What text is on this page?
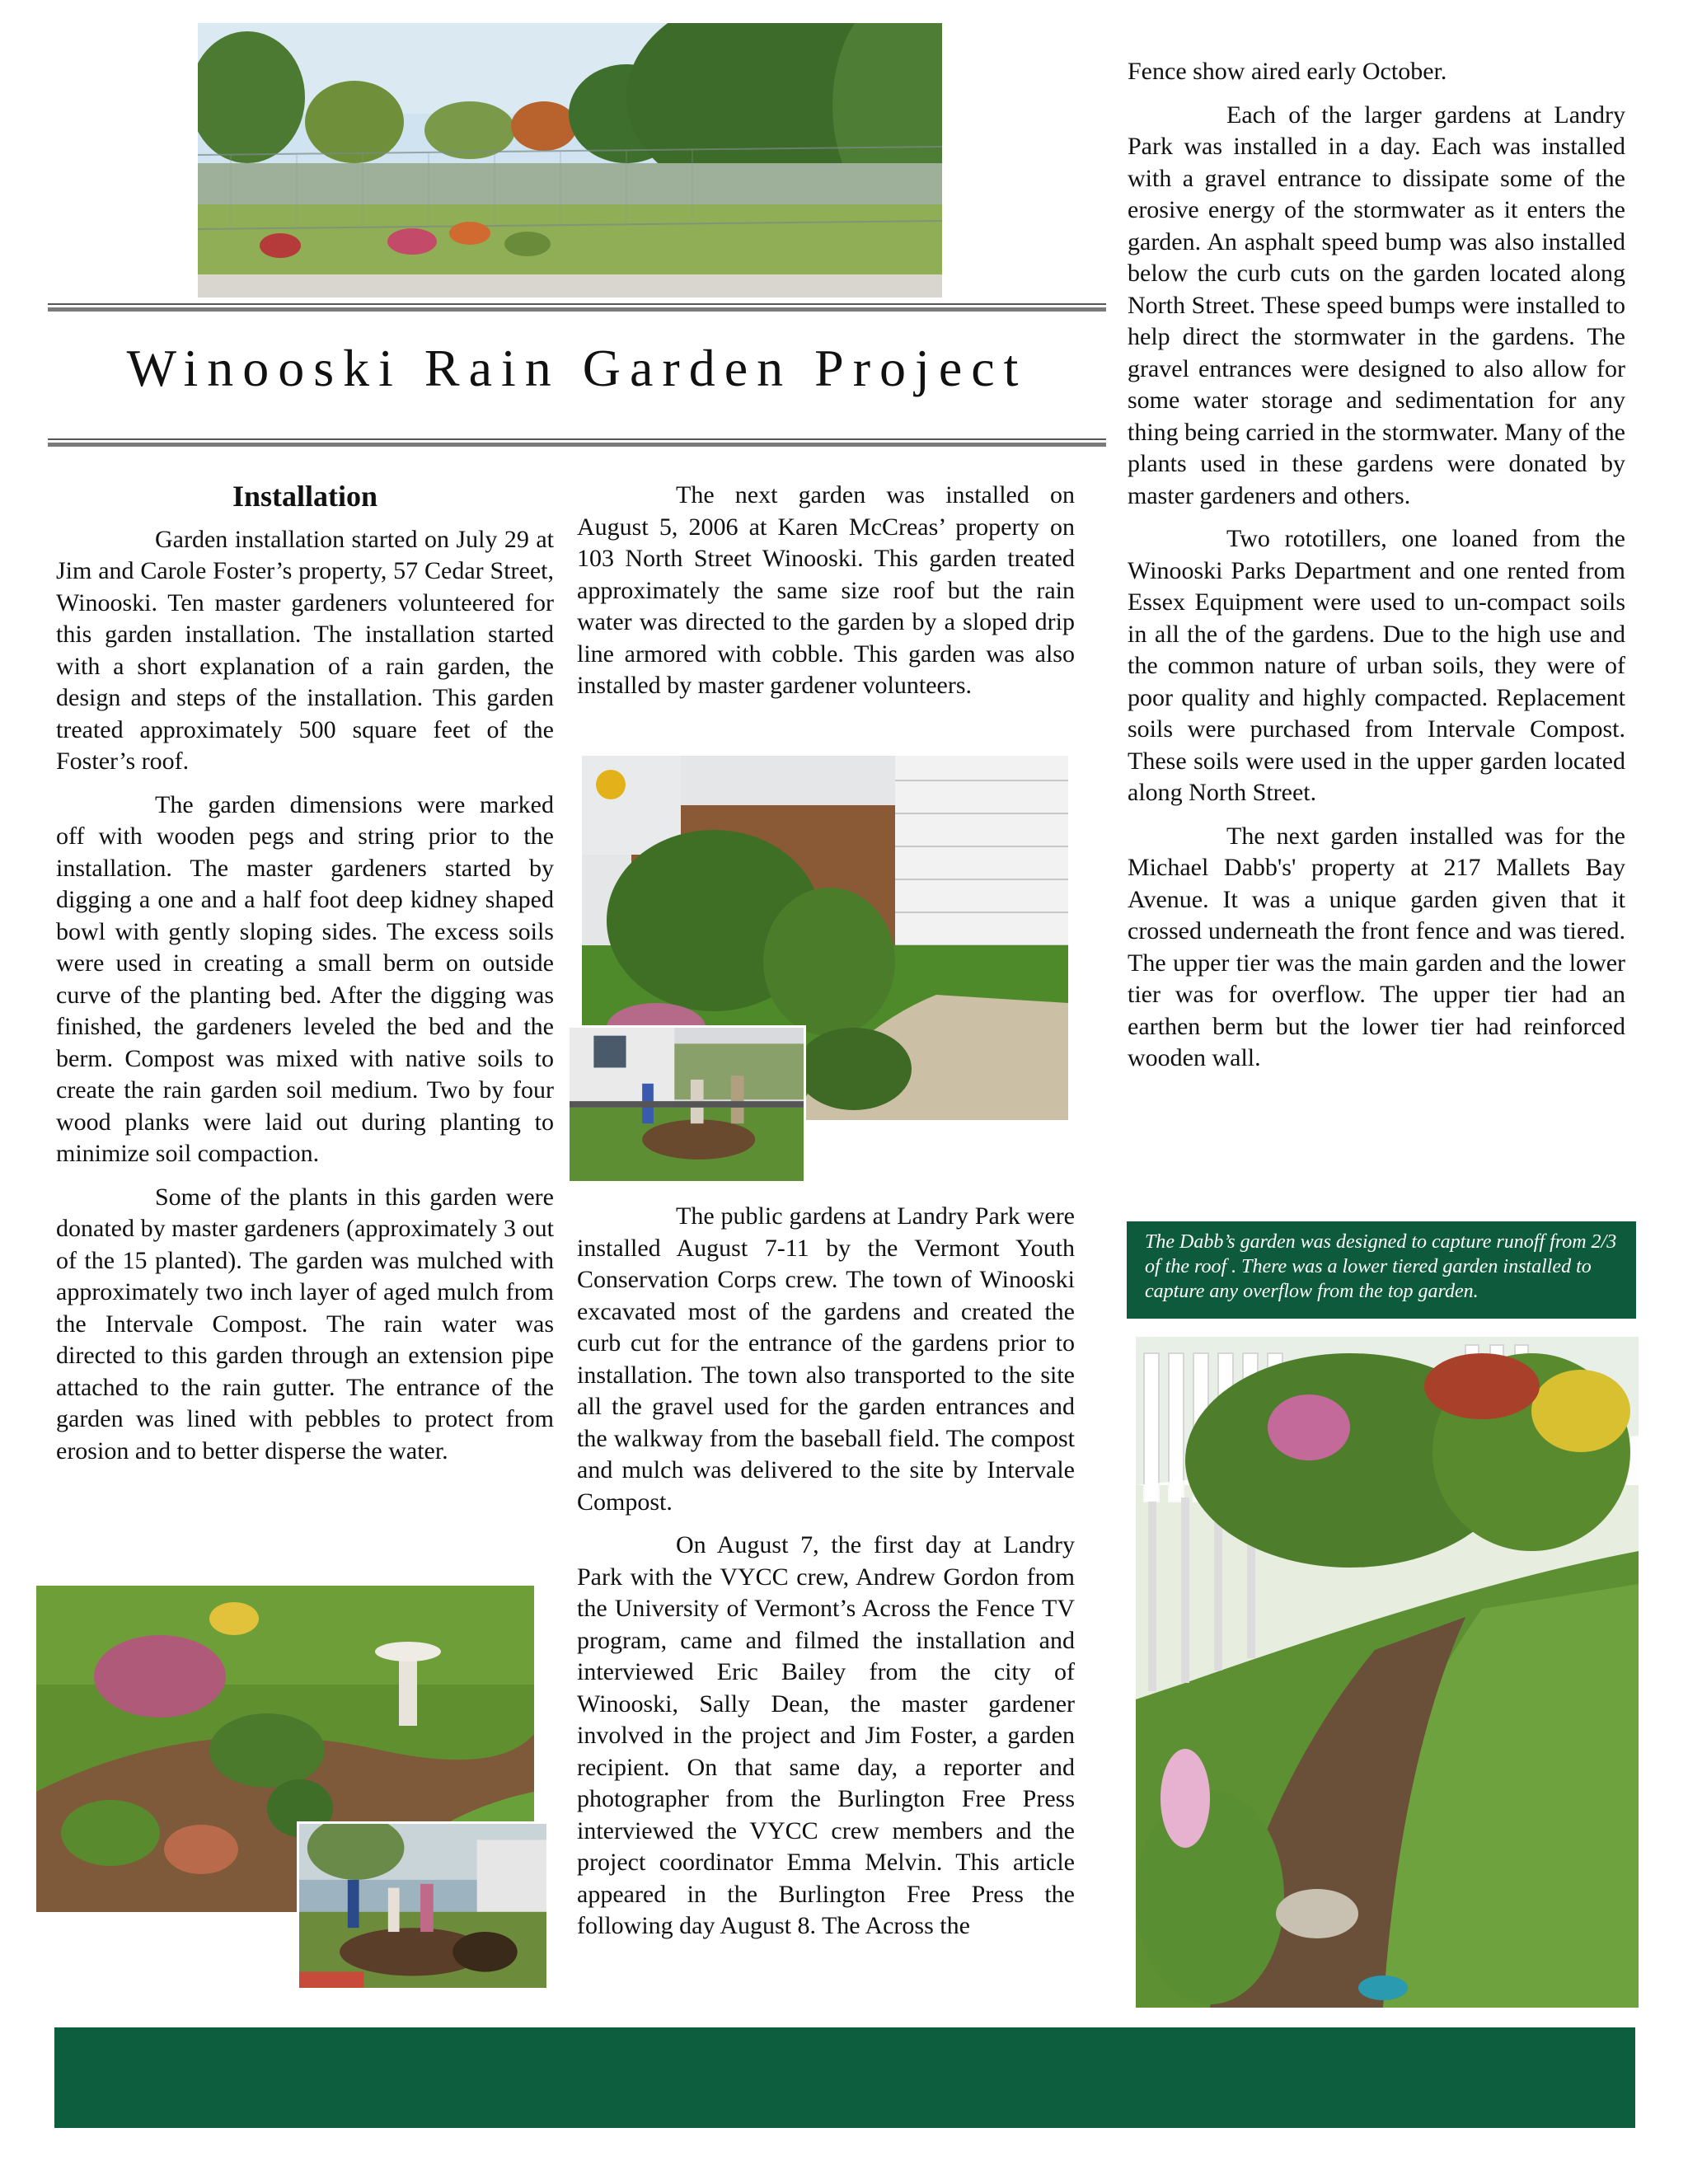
Winooski Rain Garden Project
Installation

Garden installation started on July 29 at Jim and Carole Foster’s property, 57 Cedar Street, Winooski. Ten master gardeners volunteered for this garden installation. The installation started with a short explanation of a rain garden, the design and steps of the installation. This garden treated approximately 500 square feet of the Foster’s roof.

The garden dimensions were marked off with wooden pegs and string prior to the installation. The master gardeners started by digging a one and a half foot deep kidney shaped bowl with gently sloping sides. The excess soils were used in creating a small berm on outside curve of the planting bed. After the digging was finished, the gardeners leveled the bed and the berm. Compost was mixed with native soils to create the rain garden soil medium. Two by four wood planks were laid out during planting to minimize soil compaction.

Some of the plants in this garden were donated by master gardeners (approximately 3 out of the 15 planted). The garden was mulched with approximately two inch layer of aged mulch from the Intervale Compost. The rain water was directed to this garden through an extension pipe attached to the rain gutter. The entrance of the garden was lined with pebbles to protect from erosion and to better disperse the water.

The next garden was installed on August 5, 2006 at Karen McCreas’ property on 103 North Street Winooski. This garden treated approximately the same size roof but the rain water was directed to the garden by a sloped drip line armored with cobble. This garden was also installed by master gardener volunteers.

The public gardens at Landry Park were installed August 7-11 by the Vermont Youth Conservation Corps crew. The town of Winooski excavated most of the gardens and created the curb cut for the entrance of the gardens prior to installation. The town also transported to the site all the gravel used for the garden entrances and the walkway from the baseball field. The compost and mulch was delivered to the site by Intervale Compost.

On August 7, the first day at Landry Park with the VYCC crew, Andrew Gordon from the University of Vermont’s Across the Fence TV program, came and filmed the installation and interviewed Eric Bailey from the city of Winooski, Sally Dean, the master gardener involved in the project and Jim Foster, a garden recipient. On that same day, a reporter and photographer from the Burlington Free Press interviewed the VYCC crew members and the project coordinator Emma Melvin. This article appeared in the Burlington Free Press the following day August 8. The Across the

Fence show aired early October.

Each of the larger gardens at Landry Park was installed in a day. Each was installed with a gravel entrance to dissipate some of the erosive energy of the stormwater as it enters the garden. An asphalt speed bump was also installed below the curb cuts on the garden located along North Street. These speed bumps were installed to help direct the stormwater in the gardens. The gravel entrances were designed to also allow for some water storage and sedimentation for any thing being carried in the stormwater. Many of the plants used in these gardens were donated by master gardeners and others.

Two rototillers, one loaned from the Winooski Parks Department and one rented from Essex Equipment were used to un-compact soils in all the of the gardens. Due to the high use and the common nature of urban soils, they were of poor quality and highly compacted. Replacement soils were purchased from Intervale Compost. These soils were used in the upper garden located along North Street.

The next garden installed was for the Michael Dabb's' property at 217 Mallets Bay Avenue. It was a unique garden given that it crossed underneath the front fence and was tiered. The upper tier was the main garden and the lower tier was for overflow. The upper tier had an earthen berm but the lower tier had reinforced wooden wall.

The Dabb’s garden was designed to capture runoff from 2/3 of the roof . There was a lower tiered garden installed to capture any overflow from the top garden.
